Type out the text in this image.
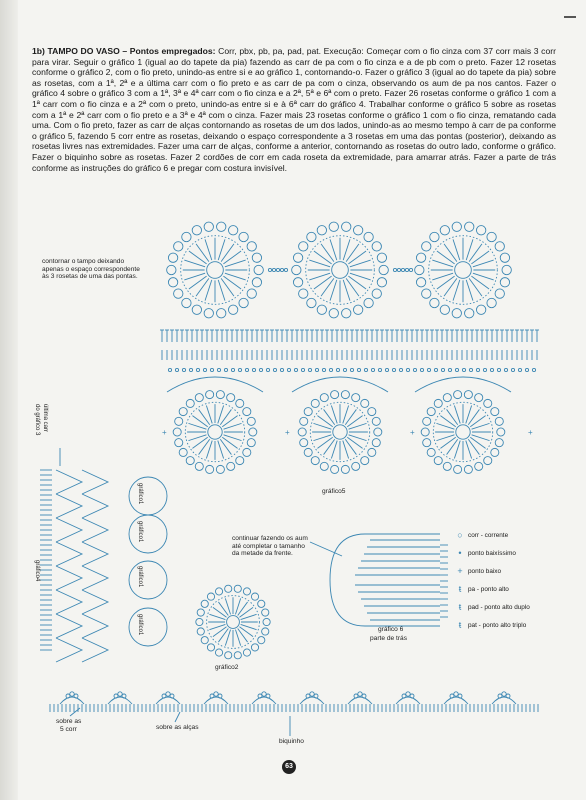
1b) TAMPO DO VASO – Pontos empregados: Corr, pbx, pb, pa, pad, pat. Execução: Começar com o fio cinza com 37 corr mais 3 corr para virar. Seguir o gráfico 1 (igual ao do tapete da pia) fazendo as carr de pa com o fio cinza e a de pb com o preto. Fazer 12 rosetas conforme o gráfico 2, com o fio preto, unindo-as entre si e ao gráfico 1, contornando-o. Fazer o gráfico 3 (igual ao do tapete da pia) sobre as rosetas, com a 1ª, 2ª e a última carr com o fio preto e as carr de pa com o cinza, observando os aum de pa nos cantos. Fazer o gráfico 4 sobre o gráfico 3 com a 1ª, 3ª e 4ª carr com o fio cinza e a 2ª, 5ª e 6ª com o preto. Fazer 26 rosetas conforme o gráfico 1 com a 1ª carr com o fio cinza e a 2ª com o preto, unindo-as entre si e à 6ª carr do gráfico 4. Trabalhar conforme o gráfico 5 sobre as rosetas com a 1ª e 2ª carr com o fio preto e a 3ª e 4ª com o cinza. Fazer mais 23 rosetas conforme o gráfico 1 com o fio cinza, rematando cada uma. Com o fio preto, fazer as carr de alças contornando as rosetas de um dos lados, unindo-as ao mesmo tempo à carr de pa conforme o gráfico 5, fazendo 5 corr entre as rosetas, deixando o espaço correspondente a 3 rosetas em uma das pontas (posterior), deixando as rosetas livres nas extremidades. Fazer uma carr de alças, conforme a anterior, contornando as rosetas do outro lado, conforme o gráfico. Fazer o biquinho sobre as rosetas. Fazer 2 cordões de corr em cada roseta da extremidade, para amarrar atrás. Fazer a parte de trás conforme as instruções do gráfico 6 e pregar com costura invisível.
+	+	+	+
contornar o tampo deixando
apenas o espaço correspondente
às 3 rosetas de uma das pontas.
gráfico5
última carr
do gráfico 3
gráfico4
gráfico1
gráfico1
gráfico1
gráfico1
gráfico2
continuar fazendo os aum
até completar o tamanho
da metade da frente.
gráfico 6
parte de trás
sobre as
5 corr	sobre as alças
biquinho
○ corr - corrente
•	ponto baixíssimo
+ ponto baixo
ŧ	pa - ponto alto
ŧ	pad - ponto alto duplo
ŧ	pat - ponto alto triplo
63
